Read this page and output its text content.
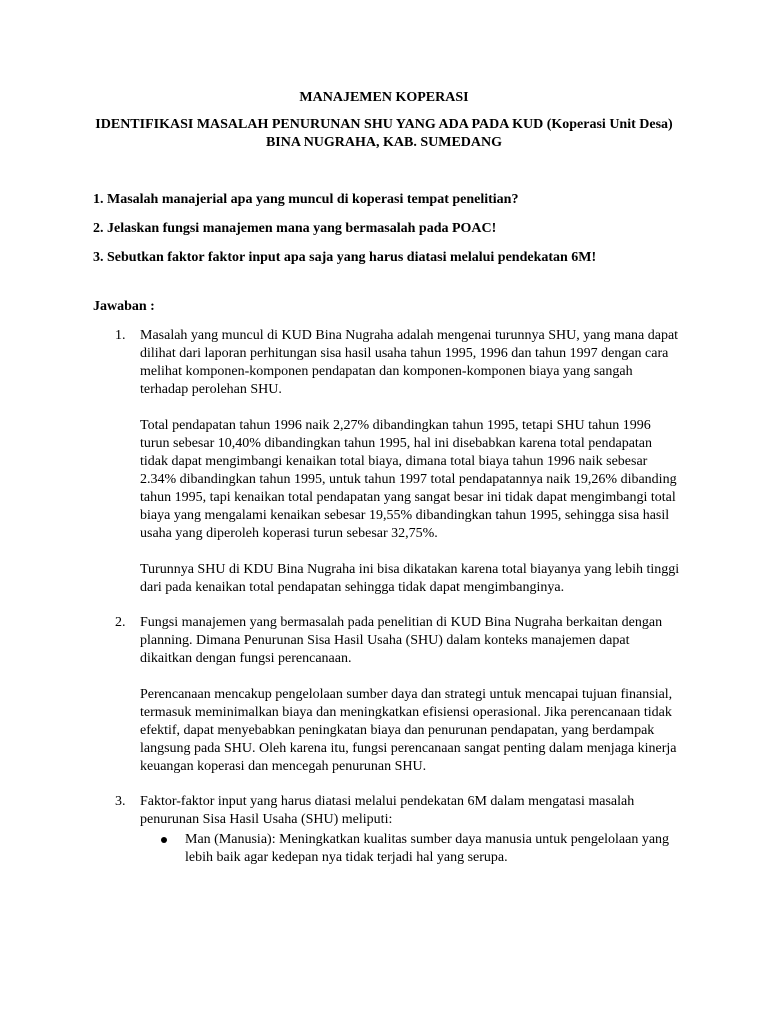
MANAJEMEN KOPERASI
IDENTIFIKASI MASALAH PENURUNAN SHU YANG ADA PADA KUD (Koperasi Unit Desa) BINA NUGRAHA, KAB. SUMEDANG

1. Masalah manajerial apa yang muncul di koperasi tempat penelitian?

2. Jelaskan fungsi manajemen mana yang bermasalah pada POAC!

3. Sebutkan faktor faktor input apa saja yang harus diatasi melalui pendekatan 6M!

Jawaban :
1. Masalah yang muncul di KUD Bina Nugraha adalah mengenai turunnya SHU, yang mana dapat dilihat dari laporan perhitungan sisa hasil usaha tahun 1995, 1996 dan tahun 1997 dengan cara melihat komponen-komponen pendapatan dan komponen-komponen biaya yang sangah terhadap perolehan SHU.

Total pendapatan tahun 1996 naik 2,27% dibandingkan tahun 1995, tetapi SHU tahun 1996 turun sebesar 10,40% dibandingkan tahun 1995, hal ini disebabkan karena total pendapatan tidak dapat mengimbangi kenaikan total biaya, dimana total biaya tahun 1996 naik sebesar 2.34% dibandingkan tahun 1995, untuk tahun 1997 total pendapatannya naik 19,26% dibanding tahun 1995, tapi kenaikan total pendapatan yang sangat besar ini tidak dapat mengimbangi total biaya yang mengalami kenaikan sebesar 19,55% dibandingkan tahun 1995, sehingga sisa hasil usaha yang diperoleh koperasi turun sebesar 32,75%.

Turunnya SHU di KDU Bina Nugraha ini bisa dikatakan karena total biayanya yang lebih tinggi dari pada kenaikan total pendapatan sehingga tidak dapat mengimbanginya.

2. Fungsi manajemen yang bermasalah pada penelitian di KUD Bina Nugraha berkaitan dengan planning. Dimana Penurunan Sisa Hasil Usaha (SHU) dalam konteks manajemen dapat dikaitkan dengan fungsi perencanaan.

Perencanaan mencakup pengelolaan sumber daya dan strategi untuk mencapai tujuan finansial, termasuk meminimalkan biaya dan meningkatkan efisiensi operasional. Jika perencanaan tidak efektif, dapat menyebabkan peningkatan biaya dan penurunan pendapatan, yang berdampak langsung pada SHU. Oleh karena itu, fungsi perencanaan sangat penting dalam menjaga kinerja keuangan koperasi dan mencegah penurunan SHU.

3. Faktor-faktor input yang harus diatasi melalui pendekatan 6M dalam mengatasi masalah penurunan Sisa Hasil Usaha (SHU) meliputi:

Man (Manusia): Meningkatkan kualitas sumber daya manusia untuk pengelolaan yang lebih baik agar kedepan nya tidak terjadi hal yang serupa.
